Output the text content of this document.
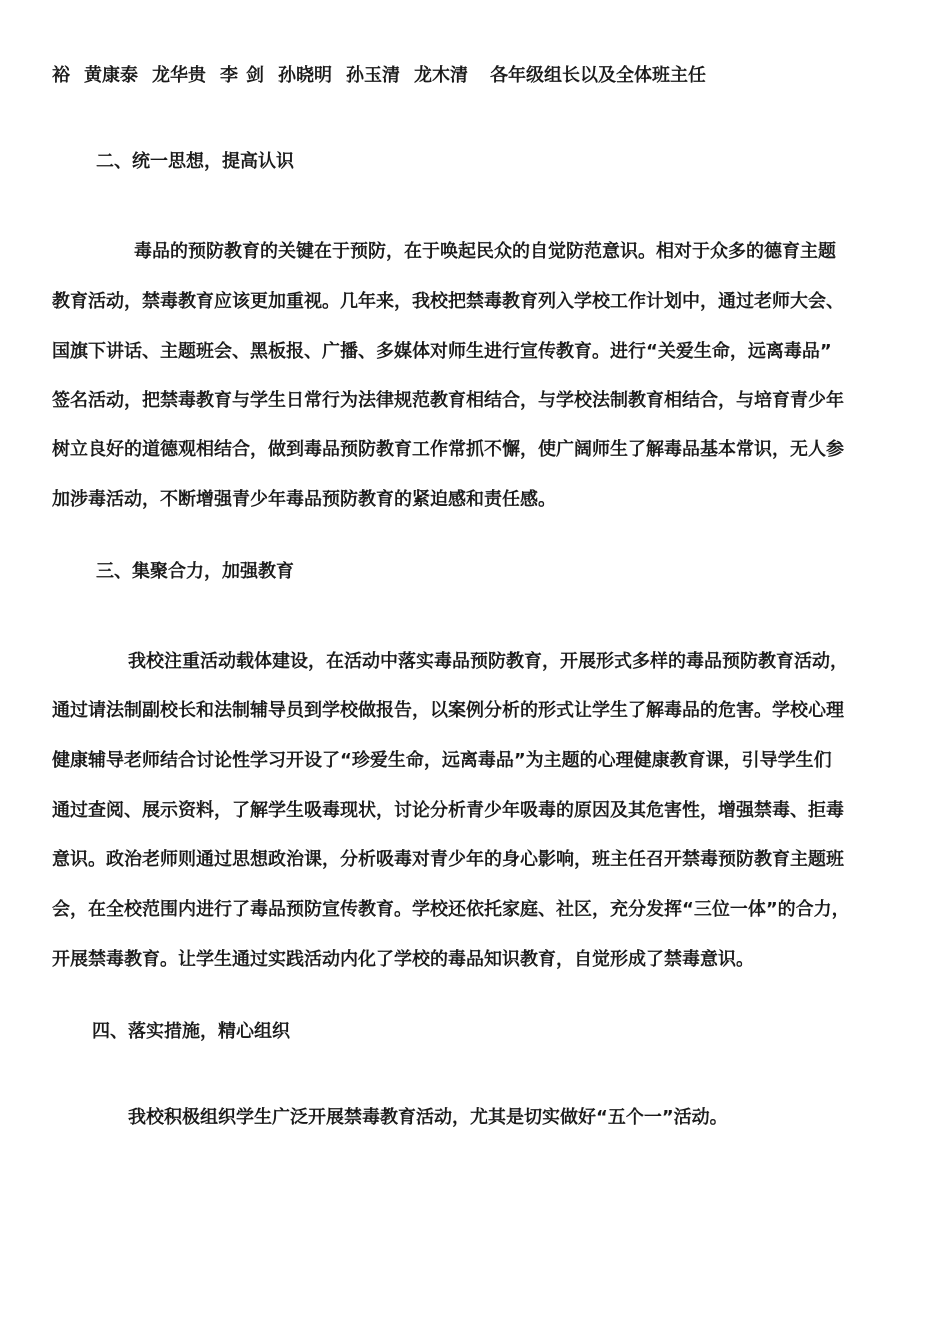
裕 黄康泰 龙华贵 李 剑 孙晓明 孙玉清 龙木清 各年级组长以及全体班主任
二、统一思想，提高认识

毒品的预防教育的关键在于预防，在于唤起民众的自觉防范意识。相对于众多的德育主题

教育活动，禁毒教育应该更加重视。几年来，我校把禁毒教育列入学校工作计划中，通过老师大会、

国旗下讲话、主题班会、黑板报、广播、多媒体对师生进行宣传教育。进行“关爱生命，远离毒品”

签名活动，把禁毒教育与学生日常行为法律规范教育相结合，与学校法制教育相结合，与培育青少年

树立良好的道德观相结合，做到毒品预防教育工作常抓不懈，使广阔师生了解毒品基本常识，无人参

加涉毒活动，不断增强青少年毒品预防教育的紧迫感和责任感。

三、集聚合力，加强教育

我校注重活动载体建设，在活动中落实毒品预防教育，开展形式多样的毒品预防教育活动，

通过请法制副校长和法制辅导员到学校做报告，以案例分析的形式让学生了解毒品的危害。学校心理

健康辅导老师结合讨论性学习开设了“珍爱生命，远离毒品”为主题的心理健康教育课，引导学生们

通过查阅、展示资料，了解学生吸毒现状，讨论分析青少年吸毒的原因及其危害性，增强禁毒、拒毒

意识。政治老师则通过思想政治课，分析吸毒对青少年的身心影响，班主任召开禁毒预防教育主题班

会，在全校范围内进行了毒品预防宣传教育。学校还依托家庭、社区，充分发挥“三位一体”的合力，

开展禁毒教育。让学生通过实践活动内化了学校的毒品知识教育，自觉形成了禁毒意识。

四、落实措施，精心组织

我校积极组织学生广泛开展禁毒教育活动，尤其是切实做好“五个一”活动。
